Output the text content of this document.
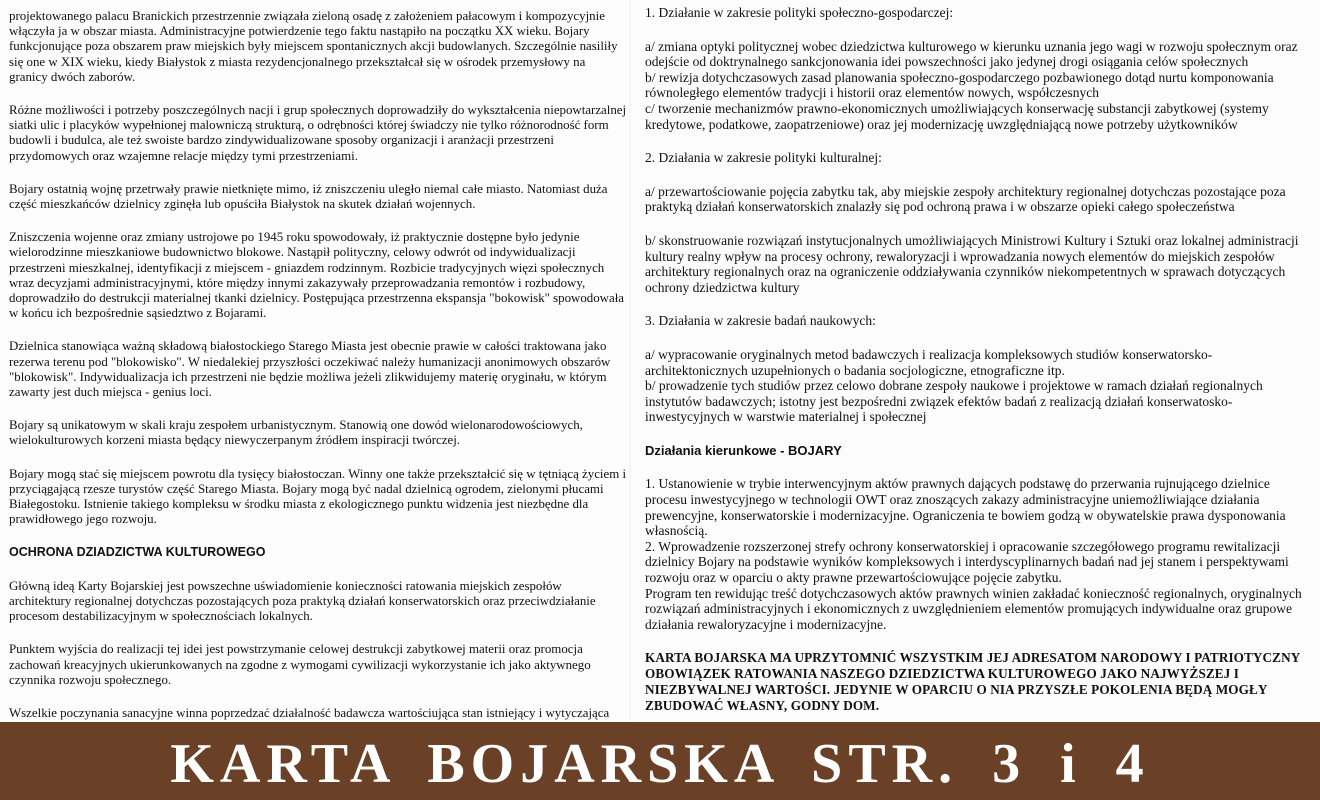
projektowanego palacu Branickich przestrzennie związała zieloną osadę z założeniem pałacowym i kompozycyjnie włączyła ja w obszar miasta. Administracyjne potwierdzenie tego faktu nastąpiło na początku XX wieku. Bojary funkcjonujące poza obszarem praw miejskich były miejscem spontanicznych akcji budowlanych. Szczególnie nasiliły się one w XIX wieku, kiedy Białystok z miasta rezydencjonalnego przekształcał się w ośrodek przemysłowy na granicy dwóch zaborów.

Różne możliwości i potrzeby poszczególnych nacji i grup społecznych doprowadziły do wykształcenia niepowtarzalnej siatki ulic i placyków wypełnionej malowniczą strukturą, o odrębności której świadczy nie tylko różnorodność form budowli i budulca, ale też swoiste bardzo zindywidualizowane sposoby organizacji i aranżacji przestrzeni przydomowych oraz wzajemne relacje między tymi przestrzeniami.

Bojary ostatnią wojnę przetrwały prawie nietknięte mimo, iż zniszczeniu uległo niemal całe miasto. Natomiast duża część mieszkańców dzielnicy zginęła lub opuściła Białystok na skutek działań wojennych.

Zniszczenia wojenne oraz zmiany ustrojowe po 1945 roku spowodowały, iż praktycznie dostępne było jedynie wielorodzinne mieszkaniowe budownictwo blokowe. Nastąpił polityczny, celowy odwrót od indywidualizacji przestrzeni mieszkalnej, identyfikacji z miejscem - gniazdem rodzinnym. Rozbicie tradycyjnych więzi społecznych wraz decyzjami administracyjnymi, które między innymi zakazywały przeprowadzania remontów i rozbudowy, doprowadziło do destrukcji materialnej tkanki dzielnicy. Postępująca przestrzenna ekspansja "bokowisk" spowodowała w końcu ich bezpośrednie sąsiedztwo z Bojarami.

Dzielnica stanowiąca ważną składową białostockiego Starego Miasta jest obecnie prawie w całości traktowana jako rezerwa terenu pod "blokowisko". W niedalekiej przyszłości oczekiwać należy humanizacji anonimowych obszarów "blokowisk". Indywidualizacja ich przestrzeni nie będzie możliwa jeżeli zlikwidujemy materię oryginału, w którym zawarty jest duch miejsca - genius loci.

Bojary są unikatowym w skali kraju zespołem urbanistycznym. Stanowią one dowód wielonarodowościowych, wielokulturowych korzeni miasta będący niewyczerpanym źródłem inspiracji twórczej.

Bojary mogą stać się miejscem powrotu dla tysięcy białostoczan. Winny one także przekształcić się w tętniącą życiem i przyciągającą rzesze turystów część Starego Miasta. Bojary mogą być nadal dzielnicą ogrodem, zielonymi płucami Białegostoku. Istnienie takiego kompleksu w środku miasta z ekologicznego punktu widzenia jest niezbędne dla prawidłowego jego rozwoju.

OCHRONA DZIADZICTWA KULTUROWEGO

Główną ideą Karty Bojarskiej jest powszechne uświadomienie konieczności ratowania miejskich zespołów architektury regionalnej dotychczas pozostających poza praktyką działań konserwatorskich oraz przeciwdziałanie procesom destabilizacyjnym w społecznościach lokalnych.

Punktem wyjścia do realizacji tej idei jest powstrzymanie celowej destrukcji zabytkowej materii oraz promocja zachowań kreacyjnych ukierunkowanych na zgodne z wymogami cywilizacji wykorzystanie ich jako aktywnego czynnika rozwoju społecznego.

Wszelkie poczynania sanacyjne winna poprzedzać działalność badawcza wartościująca stan istniejący i wytyczająca

1. Działanie w zakresie polityki społeczno-gospodarczej:

a/ zmiana optyki politycznej wobec dziedzictwa kulturowego w kierunku uznania jego wagi w rozwoju społecznym oraz odejście od doktrynalnego sankcjonowania idei powszechności jako jedynej drogi osiągania celów społecznych
b/ rewizja dotychczasowych zasad planowania społeczno-gospodarczego pozbawionego dotąd nurtu komponowania równoległego elementów tradycji i historii oraz elementów nowych, współczesnych
c/ tworzenie mechanizmów prawno-ekonomicznych umożliwiających konserwację substancji zabytkowej (systemy kredytowe, podatkowe, zaopatrzeniowe) oraz jej modernizację uwzględniającą nowe potrzeby użytkowników

2. Działania w zakresie polityki kulturalnej:

a/ przewartościowanie pojęcia zabytku tak, aby miejskie zespoły architektury regionalnej dotychczas pozostające poza praktyką działań konserwatorskich znalazły się pod ochroną prawa i w obszarze opieki całego społeczeństwa

b/ skonstruowanie rozwiązań instytucjonalnych umożliwiających Ministrowi Kultury i Sztuki oraz lokalnej administracji kultury realny wpływ na procesy ochrony, rewaloryzacji i wprowadzania nowych elementów do miejskich zespołów architektury regionalnych oraz na ograniczenie oddziaływania czynników niekompetentnych w sprawach dotyczących ochrony dziedzictwa kultury

3. Działania w zakresie badań naukowych:

a/ wypracowanie oryginalnych metod badawczych i realizacja kompleksowych studiów konserwatorsko-architektonicznych uzupełnionych o badania socjologiczne, etnograficzne itp.
b/ prowadzenie tych studiów przez celowo dobrane zespoły naukowe i projektowe w ramach działań regionalnych instytutów badawczych; istotny jest bezpośredni związek efektów badań z realizacją działań konserwatosko-inwestycyjnych w warstwie materialnej i społecznej

Działania kierunkowe - BOJARY

1. Ustanowienie w trybie interwencyjnym aktów prawnych dających podstawę do przerwania rujnującego dzielnice procesu inwestycyjnego w technologii OWT oraz znoszących zakazy administracyjne uniemożliwiające działania prewencyjne, konserwatorskie i modernizacyjne. Ograniczenia te bowiem godzą w obywatelskie prawa dysponowania własnością.
2. Wprowadzenie rozszerzonej strefy ochrony konserwatorskiej i opracowanie szczegółowego programu rewitalizacji dzielnicy Bojary na podstawie wyników kompleksowych i interdyscyplinarnych badań nad jej stanem i perspektywami rozwoju oraz w oparciu o akty prawne przewartościowujące pojęcie zabytku.
Program ten rewidując treść dotychczasowych aktów prawnych winien zakładać konieczność regionalnych, oryginalnych rozwiązań administracyjnych i ekonomicznych z uwzględnieniem elementów promujących indywidualne oraz grupowe działania rewaloryzacyjne i modernizacyjne.

KARTA BOJARSKA MA UPRZYTOMNIĆ WSZYSTKIM JEJ ADRESATOM NARODOWY I PATRIOTYCZNY OBOWIĄZEK RATOWANIA NASZEGO DZIEDZICTWA KULTUROWEGO JAKO NAJWYŻSZEJ I NIEZBYWALNEJ WARTOŚCI. JEDYNIE W OPARCIU O NIA PRZYSZŁE POKOLENIA BĘDĄ MOGŁY ZBUDOWAĆ WŁASNY, GODNY DOM.

KARTA BOJARSKA STR. 3 i 4
